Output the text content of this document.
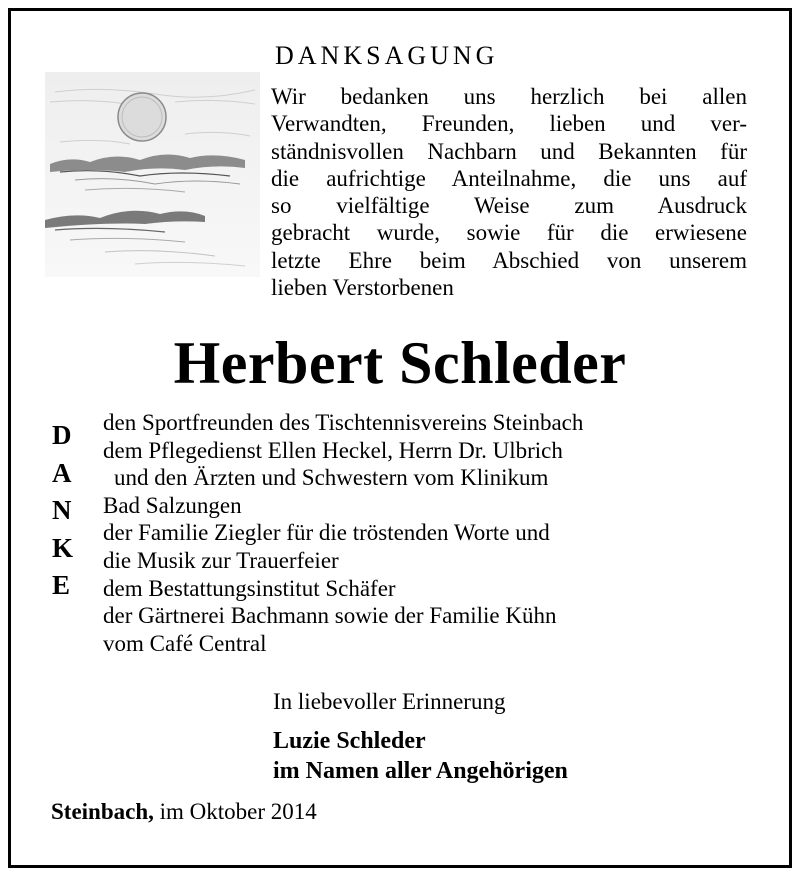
DANKSAGUNG

Wir bedanken uns herzlich bei allen
Verwandten, Freunden, lieben und ver-
ständnisvollen Nachbarn und Bekannten für
die aufrichtige Anteilnahme, die uns auf
so vielfältige Weise zum Ausdruck
gebracht wurde, sowie für die erwiesene
letzte Ehre beim Abschied von unserem
lieben Verstorbenen

Herbert Schleder
D
A
N
K
E

den Sportfreunden des Tischtennisvereins Steinbach
dem Pflegedienst Ellen Heckel, Herrn Dr. Ulbrich
und den Ärzten und Schwestern vom Klinikum
Bad Salzungen
der Familie Ziegler für die tröstenden Worte und
die Musik zur Trauerfeier
dem Bestattungsinstitut Schäfer
der Gärtnerei Bachmann sowie der Familie Kühn
vom Café Central

In liebevoller Erinnerung

Luzie Schleder
im Namen aller Angehörigen

Steinbach, im Oktober 2014
